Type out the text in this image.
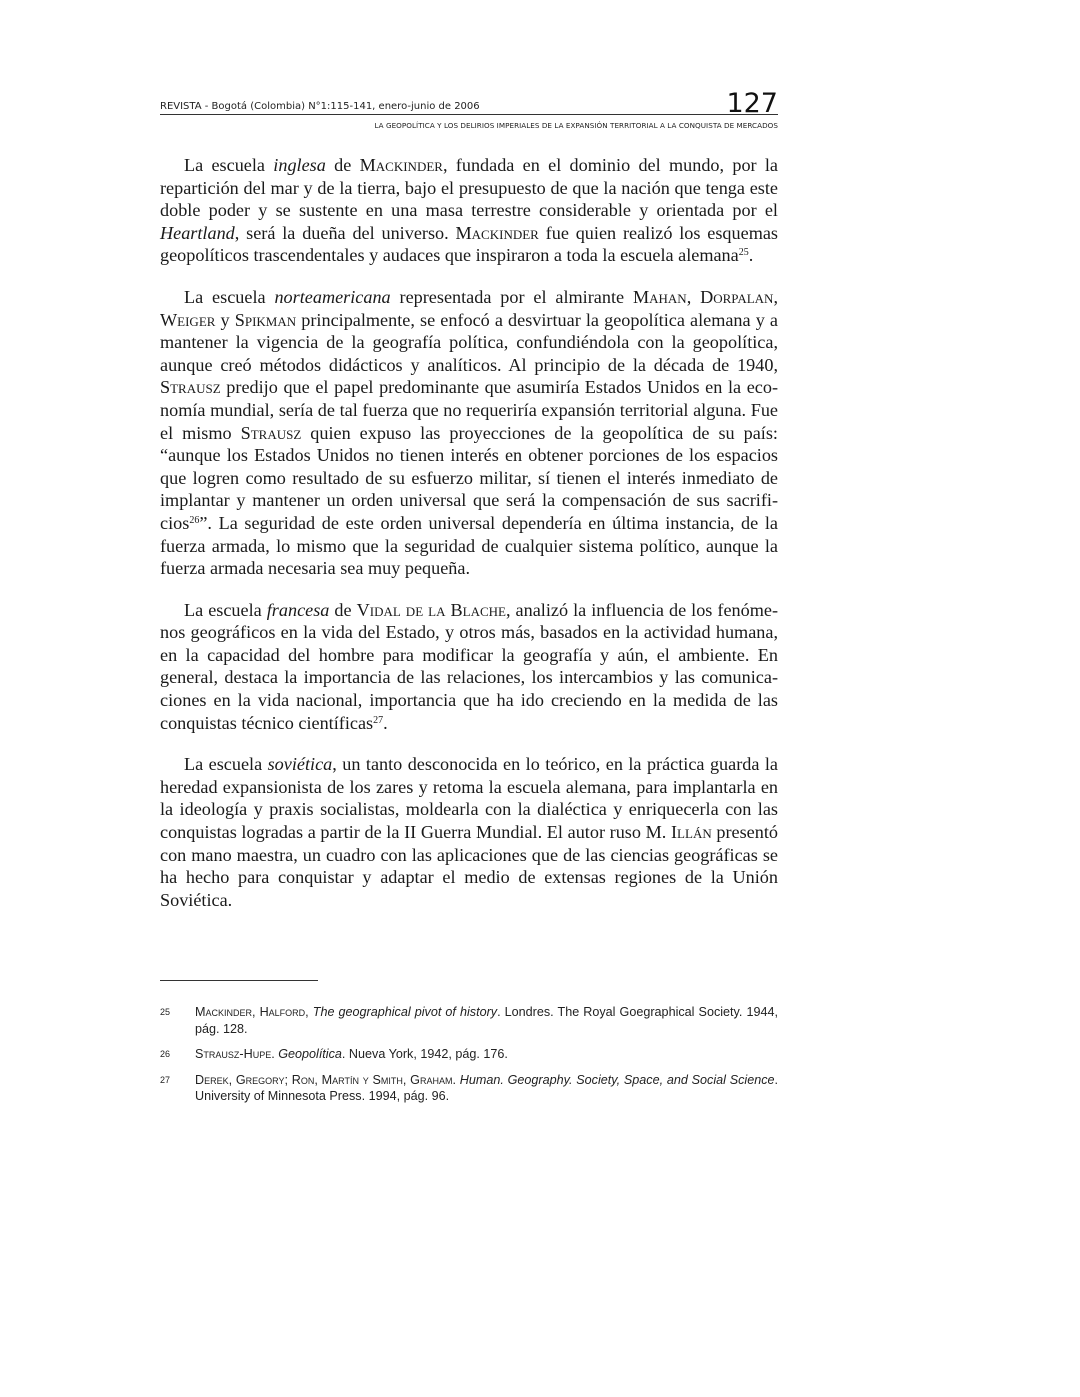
REVISTA - Bogotá (Colombia) N°1:115-141, enero-junio de 2006	127
LA GEOPOLÍTICA Y LOS DELIRIOS IMPERIALES DE LA EXPANSIÓN TERRITORIAL A LA CONQUISTA DE MERCADOS

La escuela inglesa de Mackinder, fundada en el dominio del mundo, por la repartición del mar y de la tierra, bajo el presupuesto de que la nación que tenga este doble poder y se sustente en una masa terrestre considerable y orientada por el Heartland, será la dueña del universo. Mackinder fue quien realizó los esquemas geopolíticos trascendentales y audaces que inspiraron a toda la escuela alemana$^{25}$.

La escuela norteamericana representada por el almirante Mahan, Dorpalan, Weiger y Spikman principalmente, se enfocó a desvirtuar la geopolítica alemana y a mantener la vigencia de la geografía política, confundiéndola con la geopolítica, aunque creó métodos didácticos y analíticos. Al principio de la década de 1940, Strausz predijo que el papel predominante que asumiría Estados Unidos en la economía mundial, sería de tal fuerza que no requeriría expansión territorial alguna. Fue el mismo Strausz quien expuso las proyecciones de la geopolítica de su país: “aunque los Estados Unidos no tienen interés en obtener porciones de los espacios que logren como resultado de su esfuerzo militar, sí tienen el interés inmediato de implantar y mantener un orden universal que será la compensación de sus sacrificios$^{26}$”. La seguridad de este orden universal dependería en última instancia, de la fuerza armada, lo mismo que la seguridad de cualquier sistema político, aunque la fuerza armada necesaria sea muy pequeña.

La escuela francesa de Vidal de la Blache, analizó la influencia de los fenómenos geográficos en la vida del Estado, y otros más, basados en la actividad humana, en la capacidad del hombre para modificar la geografía y aún, el ambiente. En general, destaca la importancia de las relaciones, los intercambios y las comunicaciones en la vida nacional, importancia que ha ido creciendo en la medida de las conquistas técnico científicas$^{27}$.

La escuela soviética, un tanto desconocida en lo teórico, en la práctica guarda la heredad expansionista de los zares y retoma la escuela alemana, para implantarla en la ideología y praxis socialistas, moldearla con la dialéctica y enriquecerla con las conquistas logradas a partir de la II Guerra Mundial. El autor ruso M. Illán presentó con mano maestra, un cuadro con las aplicaciones que de las ciencias geográficas se ha hecho para conquistar y adaptar el medio de extensas regiones de la Unión Soviética.

25 Mackinder, Halford, The geographical pivot of history. Londres. The Royal Goegraphical Society. 1944, pág. 128.
26 Strausz-Hupe. Geopolítica. Nueva York, 1942, pág. 176.
27 Derek, Gregory; Ron, Martín y Smith, Graham. Human. Geography. Society, Space, and Social Science. University of Minnesota Press. 1994, pág. 96.
